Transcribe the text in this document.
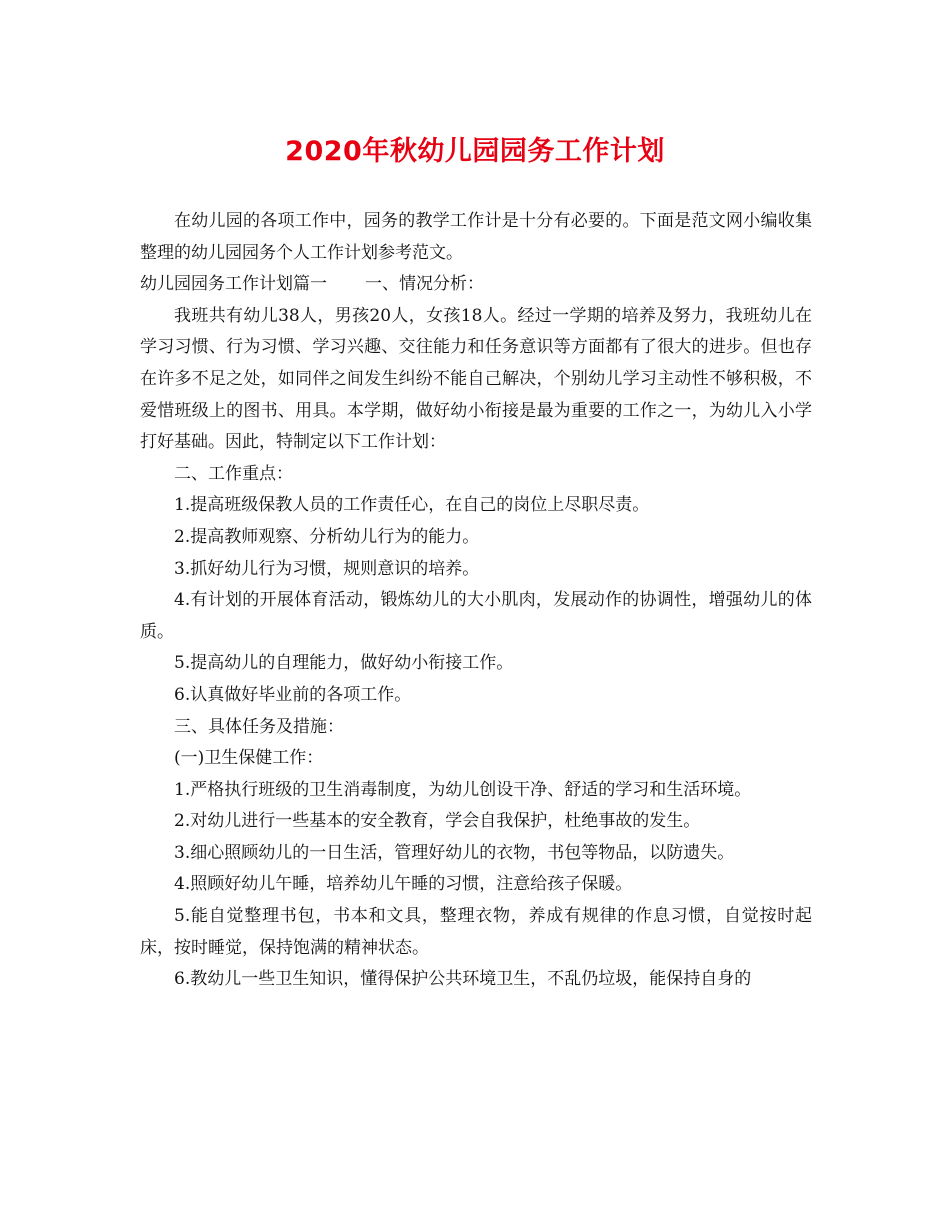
2020年秋幼儿园园务工作计划

在幼儿园的各项工作中，园务的教学工作计是十分有必要的。下面是范文网小编收集整理的幼儿园园务个人工作计划参考范文。

幼儿园园务工作计划篇一 一、情况分析：

我班共有幼儿38人，男孩20人，女孩18人。经过一学期的培养及努力，我班幼儿在学习习惯、行为习惯、学习兴趣、交往能力和任务意识等方面都有了很大的进步。但也存在许多不足之处，如同伴之间发生纠纷不能自己解决，个别幼儿学习主动性不够积极，不爱惜班级上的图书、用具。本学期，做好幼小衔接是最为重要的工作之一，为幼儿入小学打好基础。因此，特制定以下工作计划：

二、工作重点：

1.提高班级保教人员的工作责任心，在自己的岗位上尽职尽责。

2.提高教师观察、分析幼儿行为的能力。

3.抓好幼儿行为习惯，规则意识的培养。

4.有计划的开展体育活动，锻炼幼儿的大小肌肉，发展动作的协调性，增强幼儿的体质。

5.提高幼儿的自理能力，做好幼小衔接工作。

6.认真做好毕业前的各项工作。

三、具体任务及措施：

(一)卫生保健工作：

1.严格执行班级的卫生消毒制度，为幼儿创设干净、舒适的学习和生活环境。

2.对幼儿进行一些基本的安全教育，学会自我保护，杜绝事故的发生。

3.细心照顾幼儿的一日生活，管理好幼儿的衣物，书包等物品，以防遗失。

4.照顾好幼儿午睡，培养幼儿午睡的习惯，注意给孩子保暖。

5.能自觉整理书包，书本和文具，整理衣物，养成有规律的作息习惯，自觉按时起床，按时睡觉，保持饱满的精神状态。

6.教幼儿一些卫生知识，懂得保护公共环境卫生，不乱仍垃圾，能保持自身的
